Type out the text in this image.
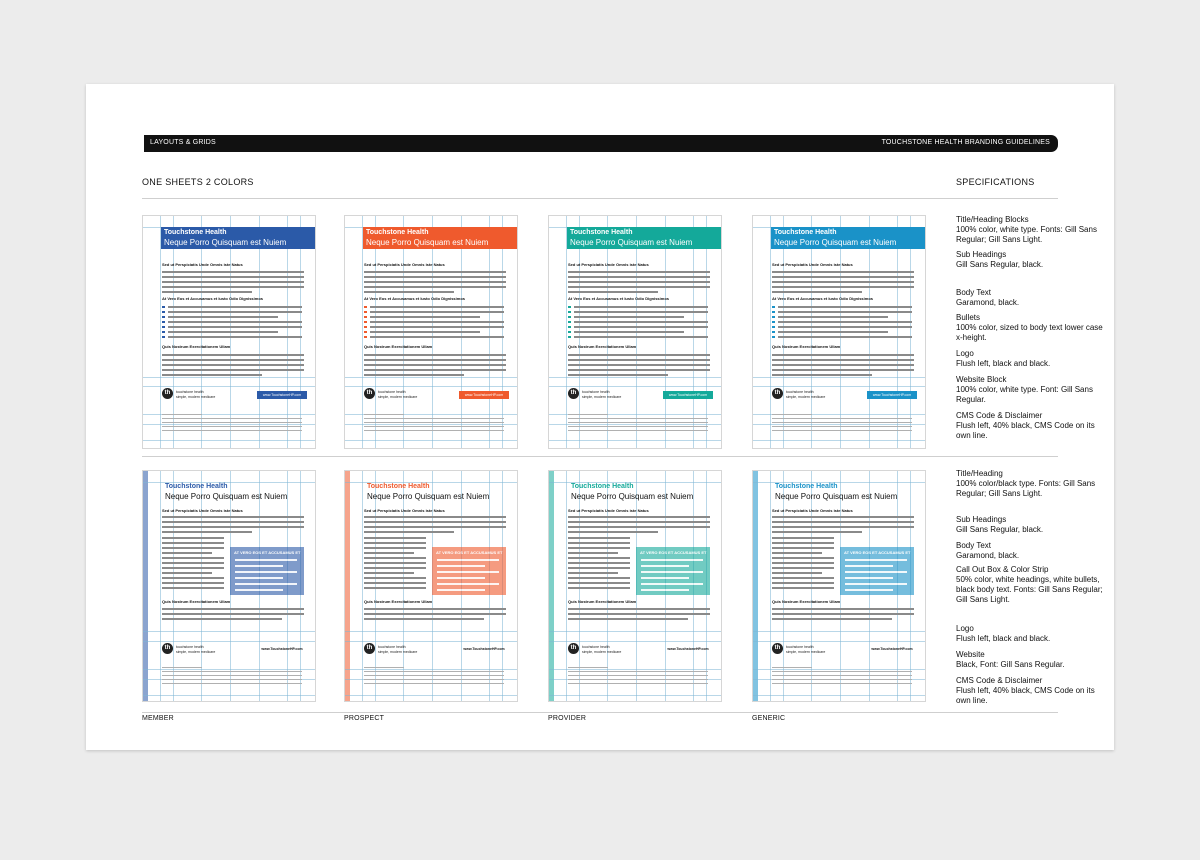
LAYOUTS & GRIDS	TOUCHSTONE HEALTH BRANDING GUIDELINES
ONE SHEETS 2 COLORS	SPECIFICATIONS
Title/Heading Blocks
100% color, white type. Fonts: Gill Sans Regular; Gill Sans Light.
Sub Headings
Gill Sans Regular, black.
Body Text
Garamond, black.
Bullets
100% color, sized to body text lower case x-height.
Logo
Flush left, black and black.
Website Block
100% color, white type. Font: Gill Sans Regular.
CMS Code & Disclaimer
Flush left, 40% black, CMS Code on its own line.
Title/Heading
100% color/black type. Fonts: Gill Sans Regular; Gill Sans Light.
Sub Headings
Gill Sans Regular, black.
Body Text
Garamond, black.
Call Out Box & Color Strip
50% color, white headings, white bullets, black body text. Fonts: Gill Sans Regular; Gill Sans Light.
Logo
Flush left, black and black.
Website
Black, Font: Gill Sans Regular.
CMS Code & Disclaimer
Flush left, 40% black, CMS Code on its own line.
Touchstone Health
Neque Porro Quisquam est Nuiem
Sed ut Perspiciatis Unde Omnis iste Natus
At Vero Eos et Accusamus et Iusto Odio Dignissimos
Quis Nostrum Exercitationem Ullam
th	touchstone health
simple, modern medicare	www.TouchstoneHP.com
Touchstone Health
Neque Porro Quisquam est Nuiem
Sed ut Perspiciatis Unde Omnis iste Natus
AT VERO EOS ET ACCUSAMUS ET
Quis Nostrum Exercitationem Ullam
th	touchstone health
simple, modern medicare
www.TouchstoneHP.com
Touchstone Health
Neque Porro Quisquam est Nuiem
Sed ut Perspiciatis Unde Omnis iste Natus
At Vero Eos et Accusamus et Iusto Odio Dignissimos
Quis Nostrum Exercitationem Ullam
th	touchstone health
simple, modern medicare	www.TouchstoneHP.com
Touchstone Health
Neque Porro Quisquam est Nuiem
Sed ut Perspiciatis Unde Omnis iste Natus
AT VERO EOS ET ACCUSAMUS ET
Quis Nostrum Exercitationem Ullam
th	touchstone health
simple, modern medicare
www.TouchstoneHP.com
Touchstone Health
Neque Porro Quisquam est Nuiem
Sed ut Perspiciatis Unde Omnis iste Natus
At Vero Eos et Accusamus et Iusto Odio Dignissimos
Quis Nostrum Exercitationem Ullam
th	touchstone health
simple, modern medicare	www.TouchstoneHP.com
Touchstone Health
Neque Porro Quisquam est Nuiem
Sed ut Perspiciatis Unde Omnis iste Natus
AT VERO EOS ET ACCUSAMUS ET
Quis Nostrum Exercitationem Ullam
th	touchstone health
simple, modern medicare
www.TouchstoneHP.com
Touchstone Health
Neque Porro Quisquam est Nuiem
Sed ut Perspiciatis Unde Omnis iste Natus
At Vero Eos et Accusamus et Iusto Odio Dignissimos
Quis Nostrum Exercitationem Ullam
th	touchstone health
simple, modern medicare	www.TouchstoneHP.com
Touchstone Health
Neque Porro Quisquam est Nuiem
Sed ut Perspiciatis Unde Omnis iste Natus
AT VERO EOS ET ACCUSAMUS ET
Quis Nostrum Exercitationem Ullam
th	touchstone health
simple, modern medicare
www.TouchstoneHP.com
MEMBER	PROSPECT	PROVIDER	GENERIC
